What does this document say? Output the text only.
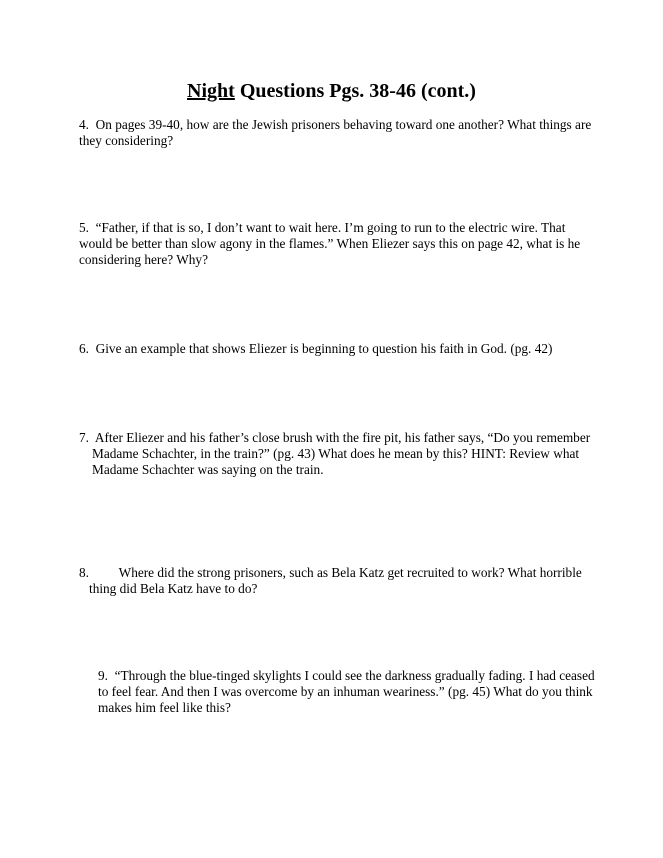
Night Questions Pgs. 38-46 (cont.)

4.  On pages 39-40, how are the Jewish prisoners behaving toward one another? What things are they considering?

5.  “Father, if that is so, I don’t want to wait here. I’m going to run to the electric wire. That would be better than slow agony in the flames.” When Eliezer says this on page 42, what is he considering here? Why?

6.  Give an example that shows Eliezer is beginning to question his faith in God. (pg. 42)

7.  After Eliezer and his father’s close brush with the fire pit, his father says, “Do you remember Madame Schachter, in the train?” (pg. 43) What does he mean by this? HINT: Review what Madame Schachter was saying on the train.

8.         Where did the strong prisoners, such as Bela Katz get recruited to work? What horrible thing did Bela Katz have to do?

9.  “Through the blue-tinged skylights I could see the darkness gradually fading. I had ceased to feel fear. And then I was overcome by an inhuman weariness.” (pg. 45) What do you think makes him feel like this?
